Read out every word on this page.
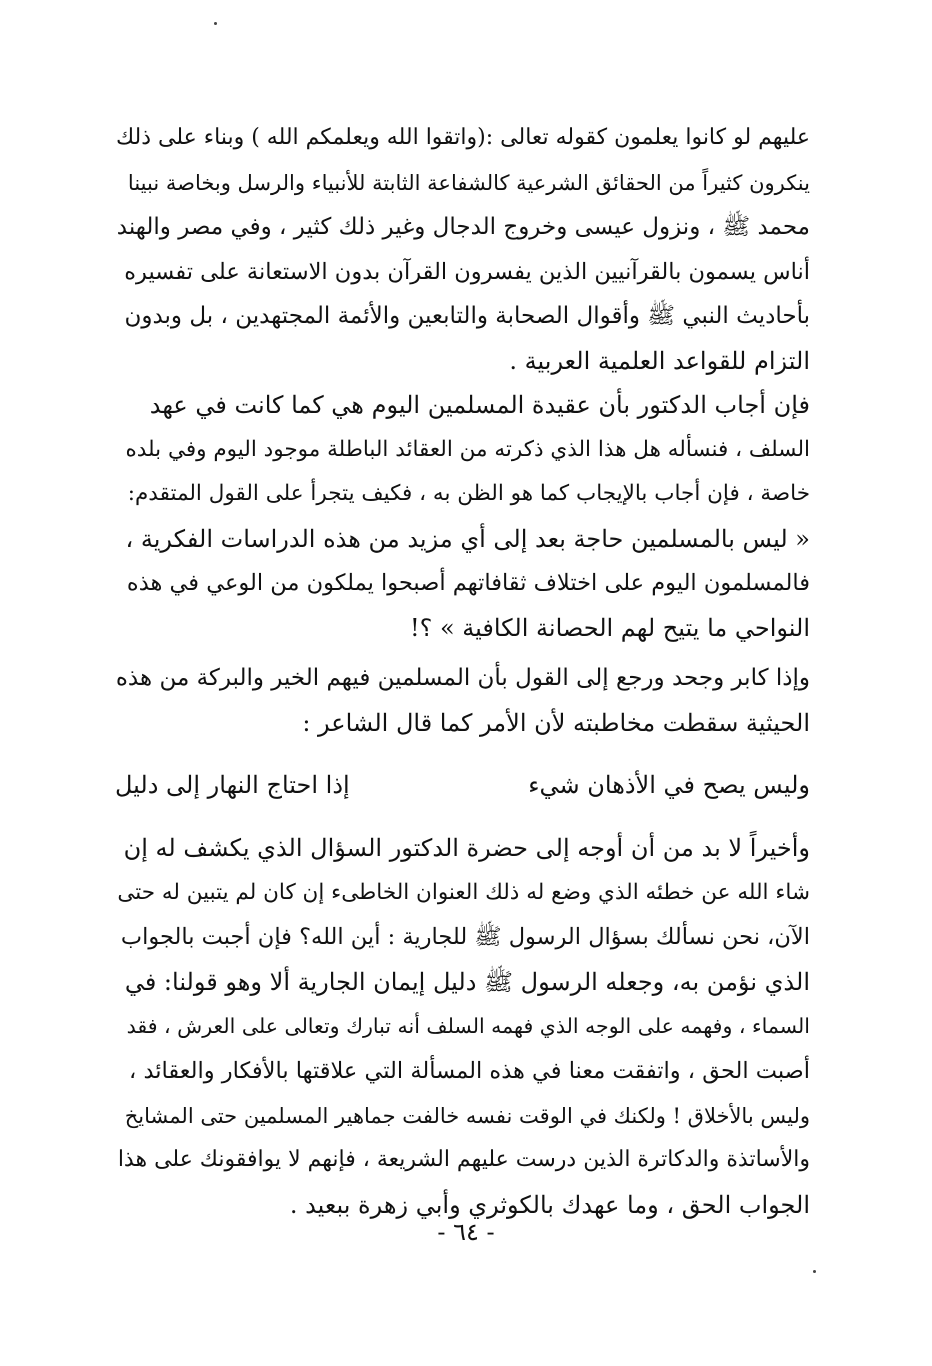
عليهم لو كانوا يعلمون كقوله تعالى :(واتقوا الله ويعلمكم الله ) وبناء على ذلك
ينكرون كثيراً من الحقائق الشرعية كالشفاعة الثابتة للأنبياء والرسل وبخاصة نبينا
محمد ﷺ ، ونزول عيسى وخروج الدجال وغير ذلك كثير ، وفي مصر والهند
أناس يسمون بالقرآنيين الذين يفسرون القرآن بدون الاستعانة على تفسيره
بأحاديث النبي ﷺ وأقوال الصحابة والتابعين والأئمة المجتهدين ، بل وبدون
التزام للقواعد العلمية العربية .
فإن أجاب الدكتور بأن عقيدة المسلمين اليوم هي كما كانت في عهد
السلف ، فنسأله هل هذا الذي ذكرته من العقائد الباطلة موجود اليوم وفي بلده
خاصة ، فإن أجاب بالإيجاب كما هو الظن به ، فكيف يتجرأ على القول المتقدم:
« ليس بالمسلمين حاجة بعد إلى أي مزيد من هذه الدراسات الفكرية ،
فالمسلمون اليوم على اختلاف ثقافاتهم أصبحوا يملكون من الوعي في هذه
النواحي ما يتيح لهم الحصانة الكافية » ؟!
وإذا كابر وجحد ورجع إلى القول بأن المسلمين فيهم الخير والبركة من هذه
الحيثية سقطت مخاطبته لأن الأمر كما قال الشاعر :
وليس يصح في الأذهان شيء
إذا احتاج النهار إلى دليل
وأخيراً لا بد من أن أوجه إلى حضرة الدكتور السؤال الذي يكشف له إن
شاء الله عن خطئه الذي وضع له ذلك العنوان الخاطىء إن كان لم يتبين له حتى
الآن، نحن نسألك بسؤال الرسول ﷺ للجارية : أين الله؟ فإن أجبت بالجواب
الذي نؤمن به، وجعله الرسول ﷺ دليل إيمان الجارية ألا وهو قولنا: في
السماء ، وفهمه على الوجه الذي فهمه السلف أنه تبارك وتعالى على العرش ، فقد
أصبت الحق ، واتفقت معنا في هذه المسألة التي علاقتها بالأفكار والعقائد ،
وليس بالأخلاق ! ولكنك في الوقت نفسه خالفت جماهير المسلمين حتى المشايخ
والأساتذة والدكاترة الذين درست عليهم الشريعة ، فإنهم لا يوافقونك على هذا
الجواب الحق ، وما عهدك بالكوثري وأبي زهرة ببعيد .
- ٦٤ -
